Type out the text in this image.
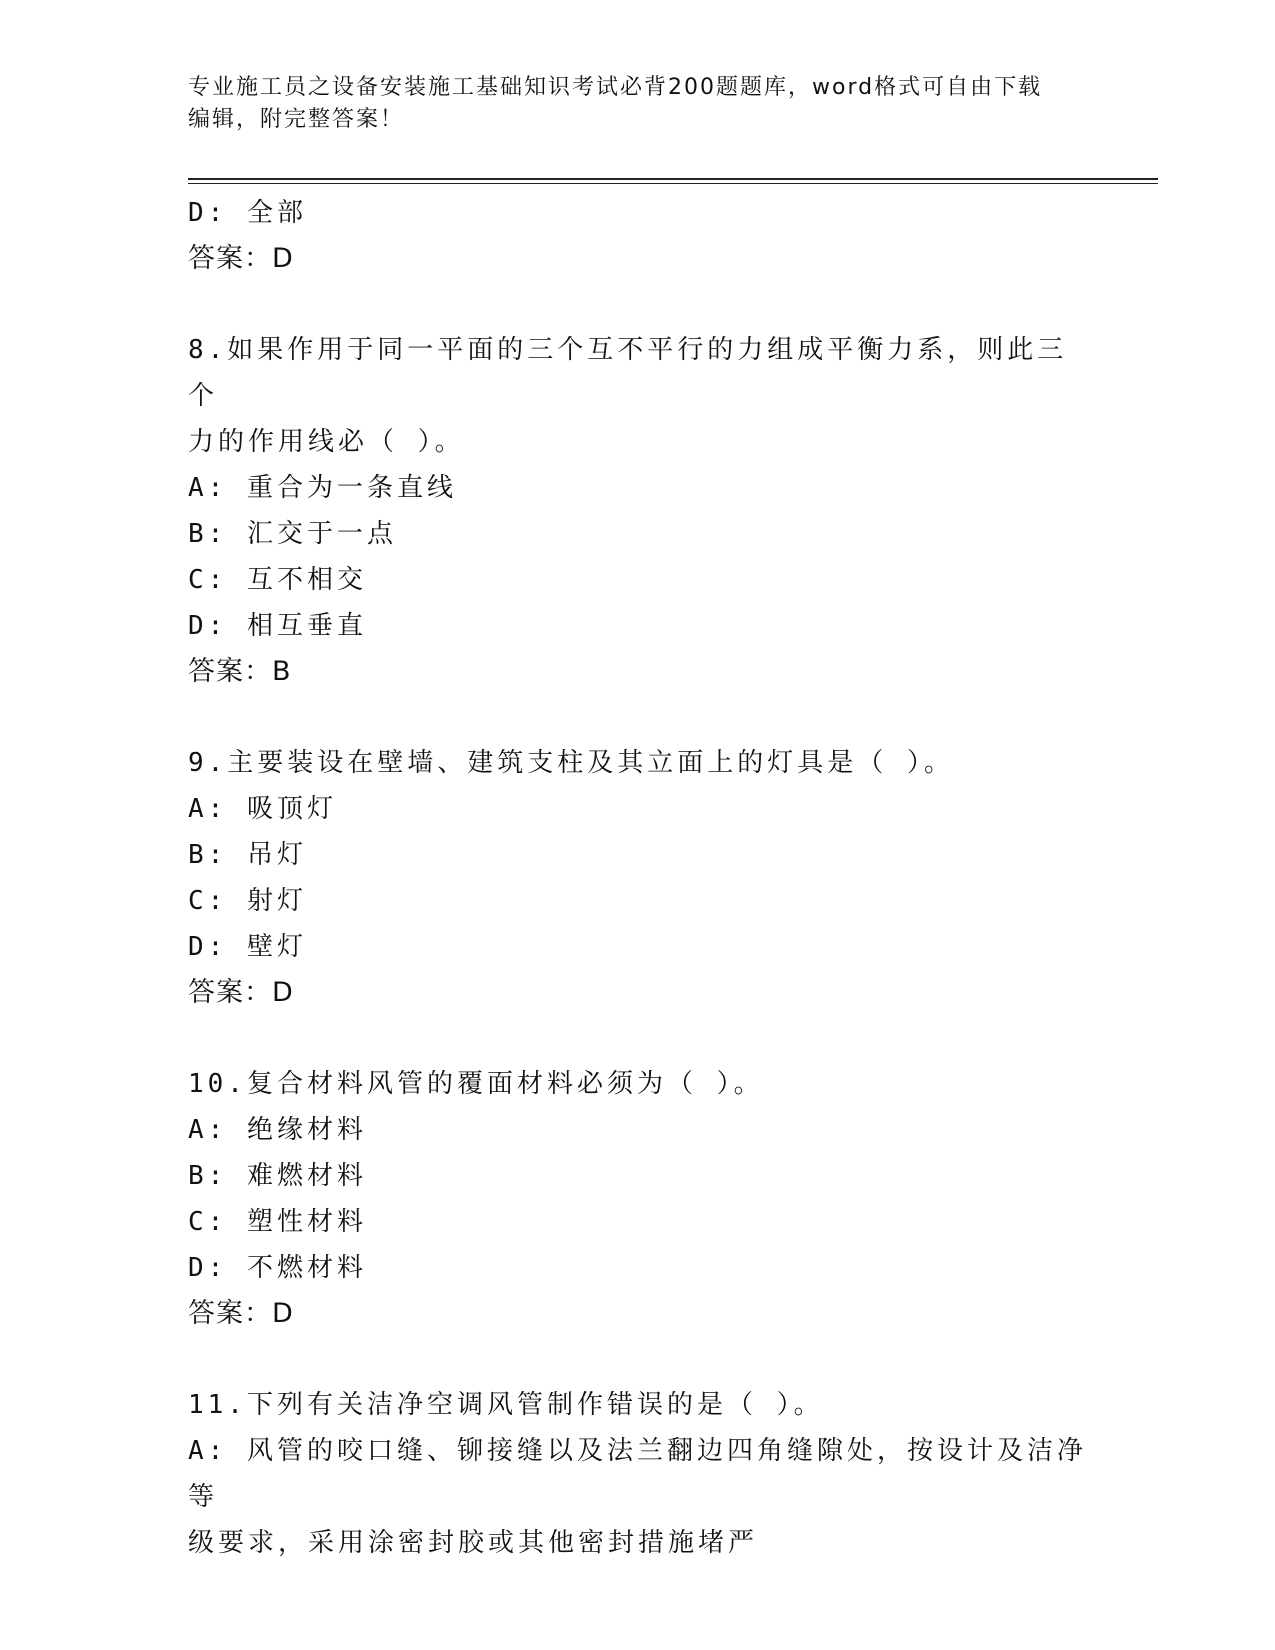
专业施工员之设备安装施工基础知识考试必背200题题库，word格式可自由下载
编辑，附完整答案！
D: 全部
答案：D
8.如果作用于同一平面的三个互不平行的力组成平衡力系，则此三个
力的作用线必（ ）。
A: 重合为一条直线
B: 汇交于一点
C: 互不相交
D: 相互垂直
答案：B
9.主要装设在壁墙、建筑支柱及其立面上的灯具是（ ）。
A: 吸顶灯
B: 吊灯
C: 射灯
D: 壁灯
答案：D
10.复合材料风管的覆面材料必须为（ ）。
A: 绝缘材料
B: 难燃材料
C: 塑性材料
D: 不燃材料
答案：D
11.下列有关洁净空调风管制作错误的是（ ）。
A: 风管的咬口缝、铆接缝以及法兰翻边四角缝隙处，按设计及洁净等
级要求，采用涂密封胶或其他密封措施堵严
